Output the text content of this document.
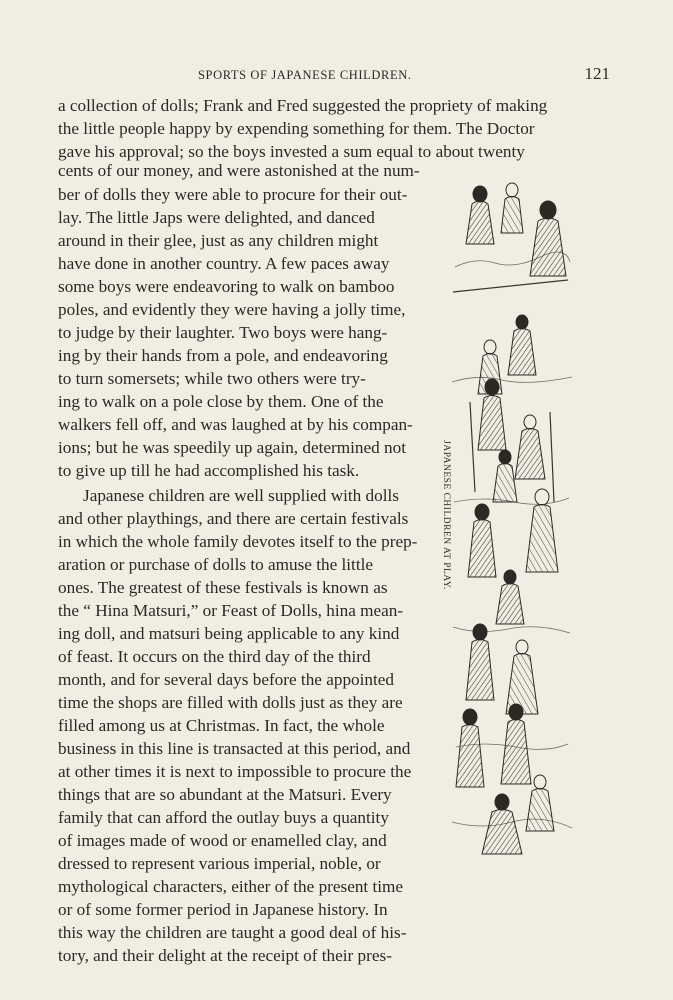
SPORTS OF JAPANESE CHILDREN.	121
a collection of dolls; Frank and Fred suggested the propriety of making
the little people happy by expending something for them. The Doctor
gave his approval; so the boys invested a sum equal to about twenty
cents of our money, and were astonished at the num-
ber of dolls they were able to procure for their out-
lay. The little Japs were delighted, and danced
around in their glee, just as any children might
have done in another country. A few paces away
some boys were endeavoring to walk on bamboo
poles, and evidently they were having a jolly time,
to judge by their laughter. Two boys were hang-
ing by their hands from a pole, and endeavoring
to turn somersets; while two others were try-
ing to walk on a pole close by them. One of the
walkers fell off, and was laughed at by his compan-
ions; but he was speedily up again, determined not
to give up till he had accomplished his task.
Japanese children are well supplied with dolls
and other playthings, and there are certain festivals
in which the whole family devotes itself to the prep-
aration or purchase of dolls to amuse the little
ones. The greatest of these festivals is known as
the “ Hina Matsuri,” or Feast of Dolls, hina mean-
ing doll, and matsuri being applicable to any kind
of feast. It occurs on the third day of the third
month, and for several days before the appointed
time the shops are filled with dolls just as they are
filled among us at Christmas. In fact, the whole
business in this line is transacted at this period, and
at other times it is next to impossible to procure the
things that are so abundant at the Matsuri. Every
family that can afford the outlay buys a quantity
of images made of wood or enamelled clay, and
dressed to represent various imperial, noble, or
mythological characters, either of the present time
or of some former period in Japanese history. In
this way the children are taught a good deal of his-
tory, and their delight at the receipt of their pres-
JAPANESE CHILDREN AT PLAY.
